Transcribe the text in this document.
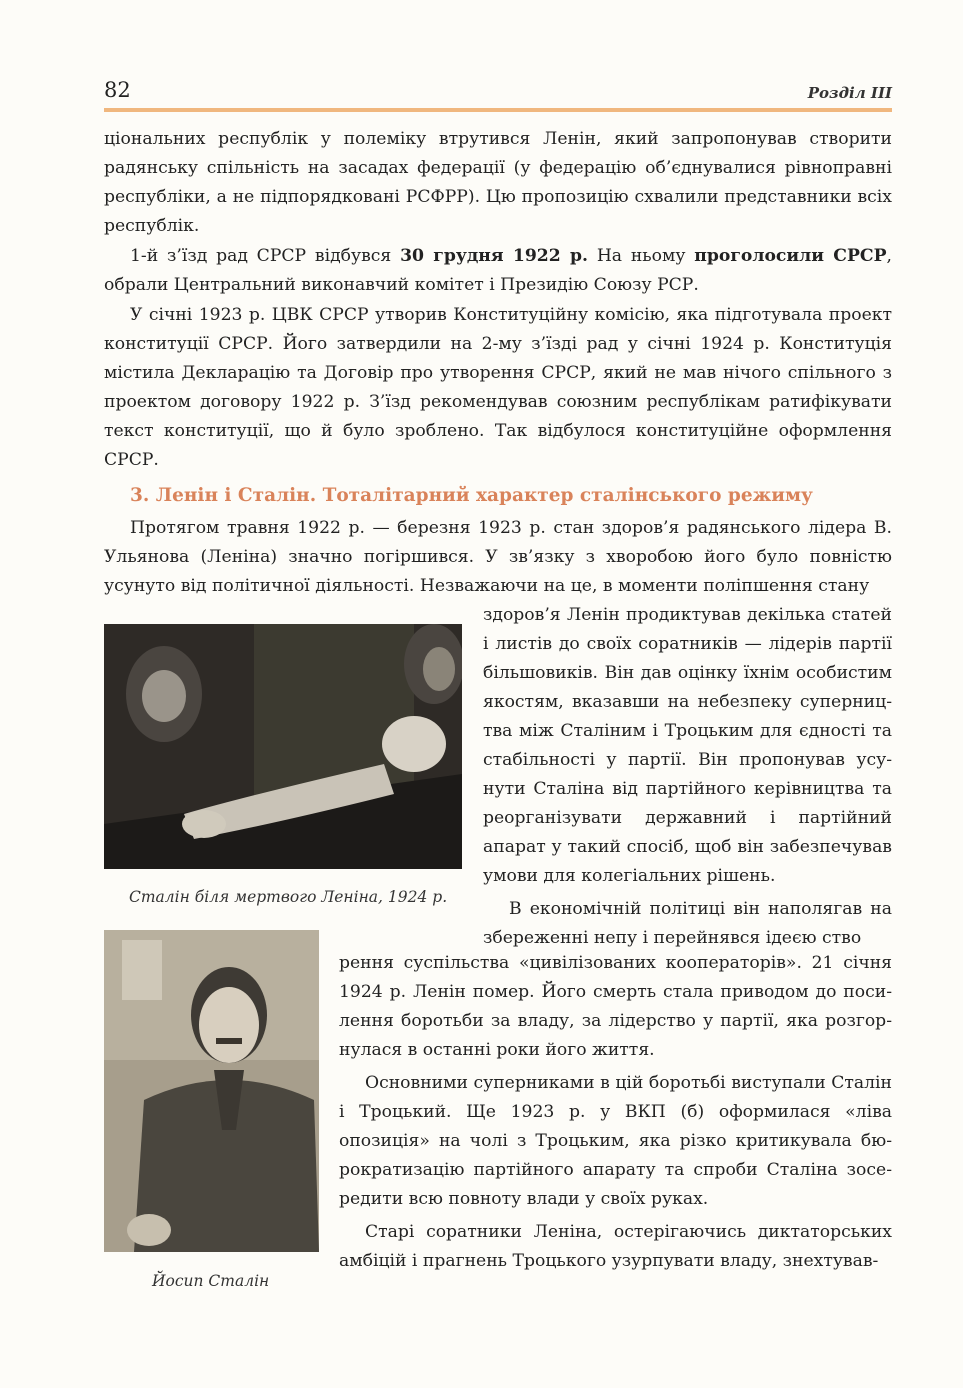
82	Розділ III

ціональних республік у полеміку втрутився Ленін, який запропонував створити радянську спільність на засадах федерації (у федерацію об’єднувалися рівноправні республіки, а не підпорядковані РСФРР). Цю пропозицію схвалили представники всіх республік.

1-й з’їзд рад СРСР відбувся 30 грудня 1922 р. На ньому проголосили СРСР, обрали Центральний виконавчий комітет і Президію Союзу РСР.

У січні 1923 р. ЦВК СРСР утворив Конституційну комісію, яка підготувала проект конституції СРСР. Його затвердили на 2-му з’їзді рад у січні 1924 р. Конституція містила Декларацію та Договір про утворення СРСР, який не мав нічого спільного з проектом договору 1922 р. З’їзд рекомендував союзним республікам ратифікувати текст конституції, що й було зроблено. Так відбулося конституційне оформлення СРСР.

3. Ленін і Сталін. Тоталітарний характер сталінського режиму

Протягом травня 1922 р. — березня 1923 р. стан здоров’я радянського лідера В. Ульянова (Леніна) значно погіршився. У зв’язку з хворобою його було повністю усунуто від політичної діяльності. Незважаючи на це, в моменти поліпшення стану

здоров’я Ленін продиктував декілька статей і листів до своїх соратників — лідерів партії більшовиків. Він дав оцінку їхнім особистим якостям, вказавши на небезпеку суперництва між Сталіним і Троцьким для єдності та стабільності у партії. Він пропонував усунути Сталіна від партійного керівництва та реорганізувати державний і партійний апарат у такий спосіб, щоб він забезпечував умови для колегіальних рішень.

В економічній політиці він наполягав на збереженні непу і перейнявся ідеєю ство

рення суспільства «цивілізованих кооператорів». 21 січня 1924 р. Ленін помер. Його смерть стала приводом до посилення боротьби за владу, за лідерство у партії, яка розгорнулася в останні роки його життя.

Основними суперниками в цій боротьбі виступали Сталін і Троцький. Ще 1923 р. у ВКП (б) оформилася «ліва опозиція» на чолі з Троцьким, яка різко критикувала бюрократизацію партійного апарату та спроби Сталіна зосередити всю повноту влади у своїх руках.

Старі соратники Леніна, остерігаючись диктаторських амбіцій і прагнень Троцького узурпувати владу, знехтував-

Сталін біля мертвого Леніна, 1924 р.
Йосип Сталін
